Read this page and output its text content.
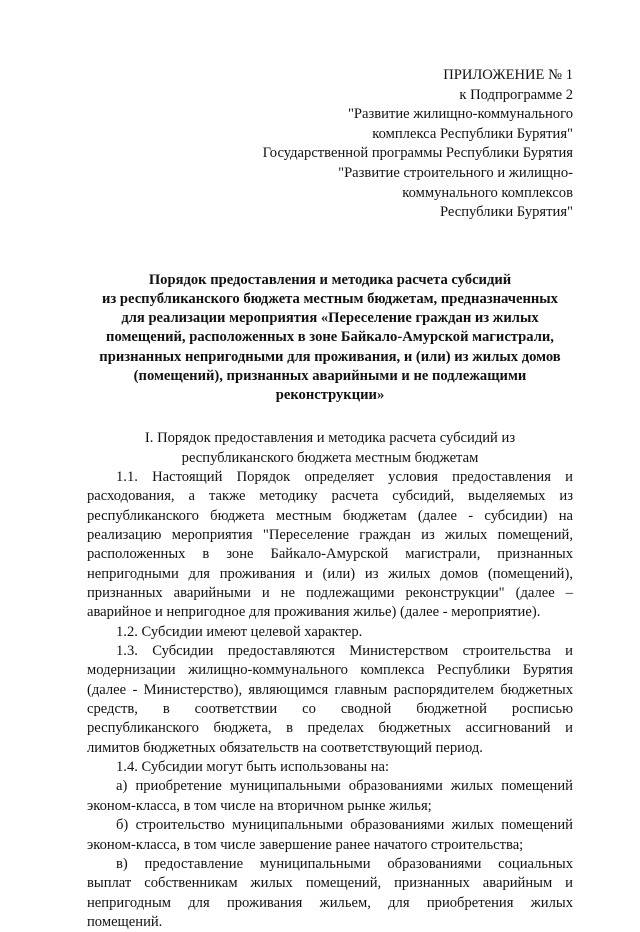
ПРИЛОЖЕНИЕ № 1
к Подпрограмме 2
"Развитие жилищно-коммунального
комплекса Республики Бурятия"
Государственной программы Республики Бурятия
"Развитие строительного и жилищно-
коммунального комплексов
Республики Бурятия"
Порядок предоставления и методика расчета субсидий
из республиканского бюджета местным бюджетам, предназначенных
для реализации мероприятия «Переселение граждан из жилых
помещений, расположенных в зоне Байкало-Амурской магистрали,
признанных непригодными для проживания, и (или) из жилых домов
(помещений), признанных аварийными и не подлежащими
реконструкции»
I. Порядок предоставления и методика расчета субсидий из
республиканского бюджета местным бюджетам
1.1. Настоящий Порядок определяет условия предоставления и
расходования, а также методику расчета субсидий, выделяемых из
республиканского бюджета местным бюджетам (далее - субсидии) на
реализацию мероприятия "Переселение граждан из жилых помещений,
расположенных в зоне Байкало-Амурской магистрали, признанных
непригодными для проживания и (или) из жилых домов (помещений),
признанных аварийными и не подлежащими реконструкции" (далее –
аварийное и непригодное для проживания жилье) (далее - мероприятие).
1.2. Субсидии имеют целевой характер.
1.3. Субсидии предоставляются Министерством строительства и
модернизации жилищно-коммунального комплекса Республики Бурятия
(далее - Министерство), являющимся главным распорядителем бюджетных
средств, в соответствии со сводной бюджетной росписью
республиканского бюджета, в пределах бюджетных ассигнований и
лимитов бюджетных обязательств на соответствующий период.
1.4. Субсидии могут быть использованы на:
а) приобретение муниципальными образованиями жилых помещений
эконом-класса, в том числе на вторичном рынке жилья;
б) строительство муниципальными образованиями жилых помещений
эконом-класса, в том числе завершение ранее начатого строительства;
в) предоставление муниципальными образованиями социальных
выплат собственникам жилых помещений, признанных аварийным и
непригодным для проживания жильем, для приобретения жилых
помещений.
